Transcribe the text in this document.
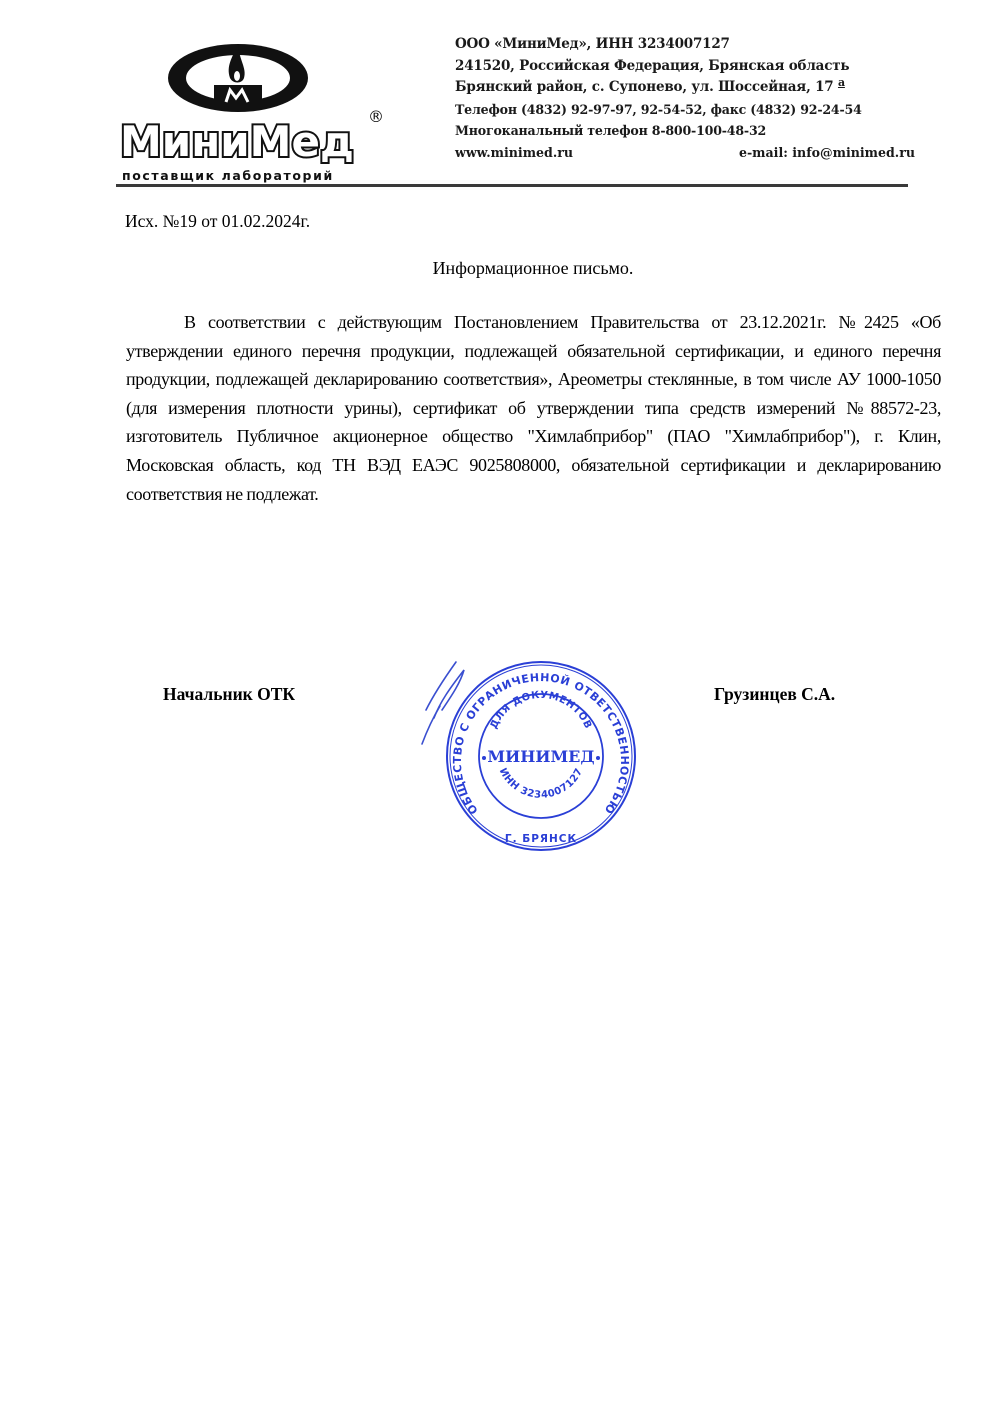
МиниМед
®
поставщик лабораторий
ООО «МиниМед», ИНН 3234007127
241520, Российская Федерация, Брянская область
Брянский район, с. Супонево, ул. Шоссейная, 17 $^а$
Телефон (4832) 92-97-97, 92-54-52, факс (4832) 92-24-54
Многоканальный телефон 8-800-100-48-32
www.minimed.ru	e-mail: info@minimed.ru
Исх. №19 от 01.02.2024г.
Информационное письмо.

В соответствии с действующим Постановлением Правительства от 23.12.2021г. №2425 «Об утверждении единого перечня продукции, подлежащей обязательной сертификации, и единого перечня продукции, подлежащей декларированию соответствия», Ареометры стеклянные, в том числе АУ 1000-1050 (для измерения плотности урины), сертификат об утверждении типа средств измерений №88572-23, изготовитель Публичное акционерное общество "Химлабприбор" (ПАО "Химлабприбор"), г. Клин, Московская область, код ТН ВЭД ЕАЭС 9025808000, обязательной сертификации и декларированию соответствия не подлежат.

Начальник ОТК	Грузинцев С.А.
ОБЩЕСТВО С ОГРАНИЧЕННОЙ ОТВЕТСТВЕННОСТЬЮ
ДЛЯ ДОКУМЕНТОВ
ИНН 3234007127
МИНИМЕД
Г. БРЯНСК
